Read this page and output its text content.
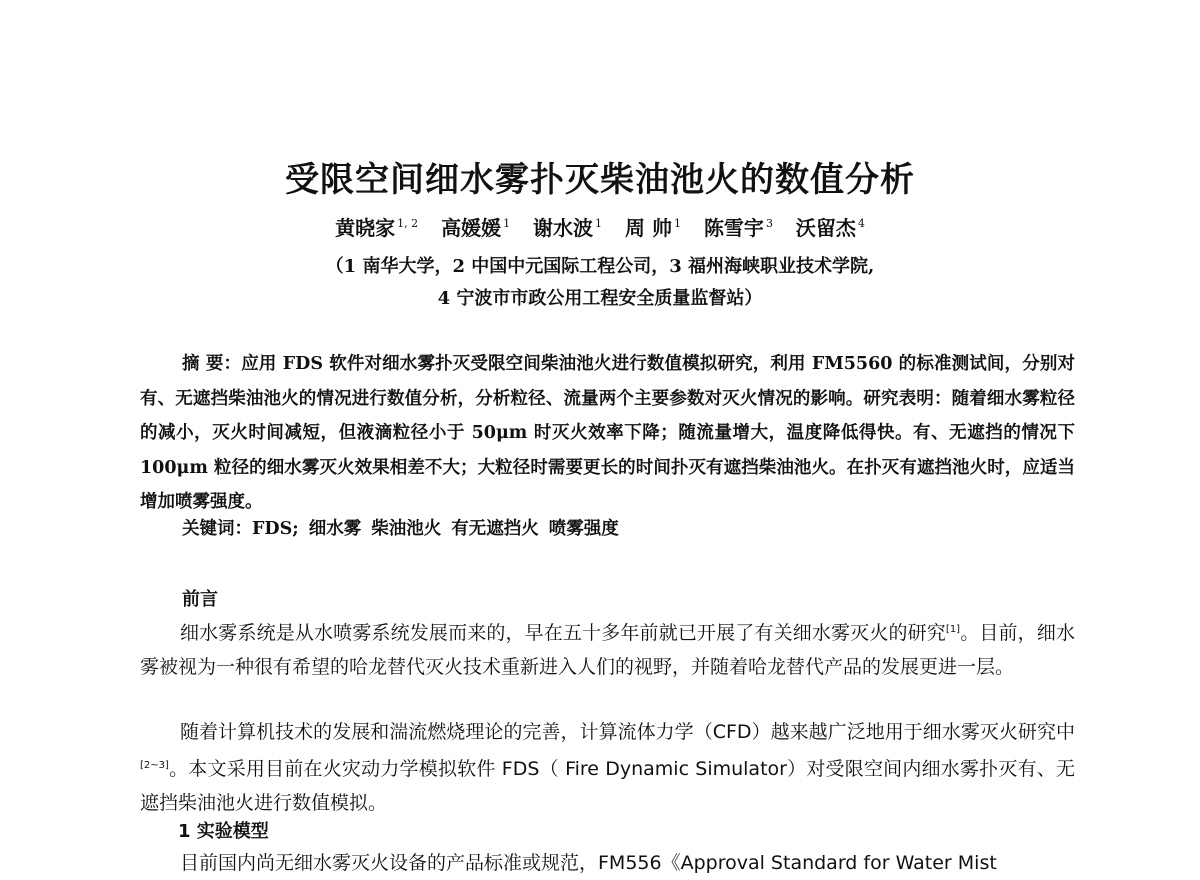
受限空间细水雾扑灭柴油池火的数值分析
黄晓家 $^{1, 2}$ 高媛媛 $^1$ 谢水波 $^1$ 周 帅 $^1$ 陈雪宇 $^3$ 沃留杰 $^4$
（1 南华大学，2 中国中元国际工程公司，3 福州海峡职业技术学院,
4 宁波市市政公用工程安全质量监督站）
摘 要：应用 FDS 软件对细水雾扑灭受限空间柴油池火进行数值模拟研究，利用 FM5560 的标准测试间，分别对有、无遮挡柴油池火的情况进行数值分析，分析粒径、流量两个主要参数对灭火情况的影响。研究表明：随着细水雾粒径的减小，灭火时间减短，但液滴粒径小于 50μm 时灭火效率下降；随流量增大，温度降低得快。有、无遮挡的情况下 100μm 粒径的细水雾灭火效果相差不大；大粒径时需要更长的时间扑灭有遮挡柴油池火。在扑灭有遮挡池火时，应适当增加喷雾强度。
关键词：FDS; 细水雾 柴油池火 有无遮挡火 喷雾强度
前言
细水雾系统是从水喷雾系统发展而来的，早在五十多年前就已开展了有关细水雾灭火的研究[1]。目前，细水雾被视为一种很有希望的哈龙替代灭火技术重新进入人们的视野，并随着哈龙替代产品的发展更进一层。
随着计算机技术的发展和湍流燃烧理论的完善，计算流体力学（CFD）越来越广泛地用于细水雾灭火研究中[2~3]。本文采用目前在火灾动力学模拟软件 FDS（ Fire Dynamic Simulator）对受限空间内细水雾扑灭有、无遮挡柴油池火进行数值模拟。
1 实验模型
目前国内尚无细水雾灭火设备的产品标准或规范，FM556《Approval Standard for Water Mist
